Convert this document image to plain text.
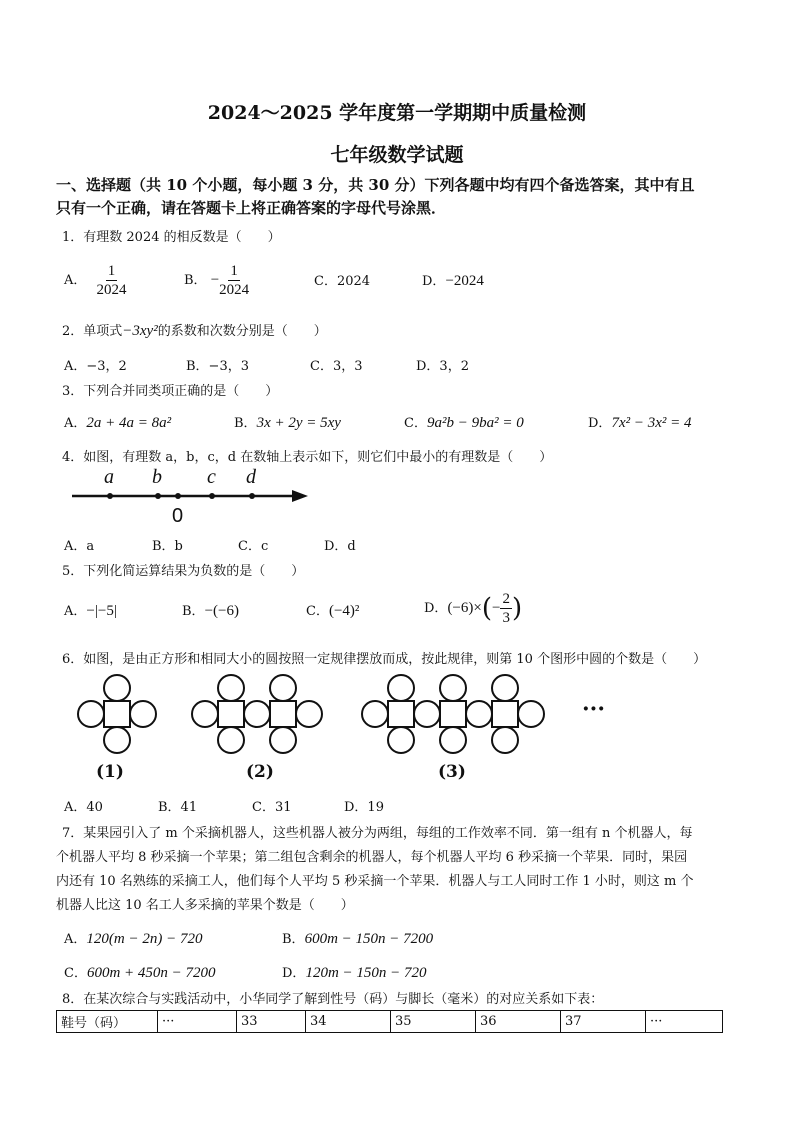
2024～2025 学年度第一学期期中质量检测
七年级数学试题
一、选择题（共 10 个小题，每小题 3 分，共 30 分）下列各题中均有四个备选答案，其中有且
只有一个正确，请在答题卡上将正确答案的字母代号涂黑．
1．有理数 2024 的相反数是（　　）
A． $\frac{1}{2024}$	B． − $\frac{1}{2024}$	C．2024	D．−2024
2．单项式−3xy²的系数和次数分别是（　　）
A．−3，2	B．−3，3	C．3，3	D．3，2
3．下列合并同类项正确的是（　　）
A．2a + 4a = 8a²	B．3x + 2y = 5xy	C．9a²b − 9ba² = 0	D．7x² − 3x² = 4
4．如图，有理数 a，b，c，d 在数轴上表示如下，则它们中最小的有理数是（　　）
a b c d
0
A．a	B．b	C．c	D．d
5．下列化简运算结果为负数的是（　　）
A．−|−5|	B．−(−6)	C．(−4)²	D．$(-6)\times(- \frac{2}{3}$ )
6．如图，是由正方形和相同大小的圆按照一定规律摆放而成，按此规律，则第 10 个图形中圆的个数是（　　）
···
(1)	(2)	(3)
A．40	B．41	C．31	D．19
7．某果园引入了 m 个采摘机器人，这些机器人被分为两组，每组的工作效率不同．第一组有 n 个机器人，每
个机器人平均 8 秒采摘一个苹果；第二组包含剩余的机器人，每个机器人平均 6 秒采摘一个苹果．同时，果园
内还有 10 名熟练的采摘工人，他们每个人平均 5 秒采摘一个苹果．机器人与工人同时工作 1 小时，则这 m 个
机器人比这 10 名工人多采摘的苹果个数是（　　）
A．120(m − 2n) − 720	B．600m − 150n − 7200
C．600m + 450n − 7200	D．120m − 150n − 720
8．在某次综合与实践活动中，小华同学了解到性号（码）与脚长（毫米）的对应关系如下表：
鞋号（码）	···	33	34	35	36	37	···
